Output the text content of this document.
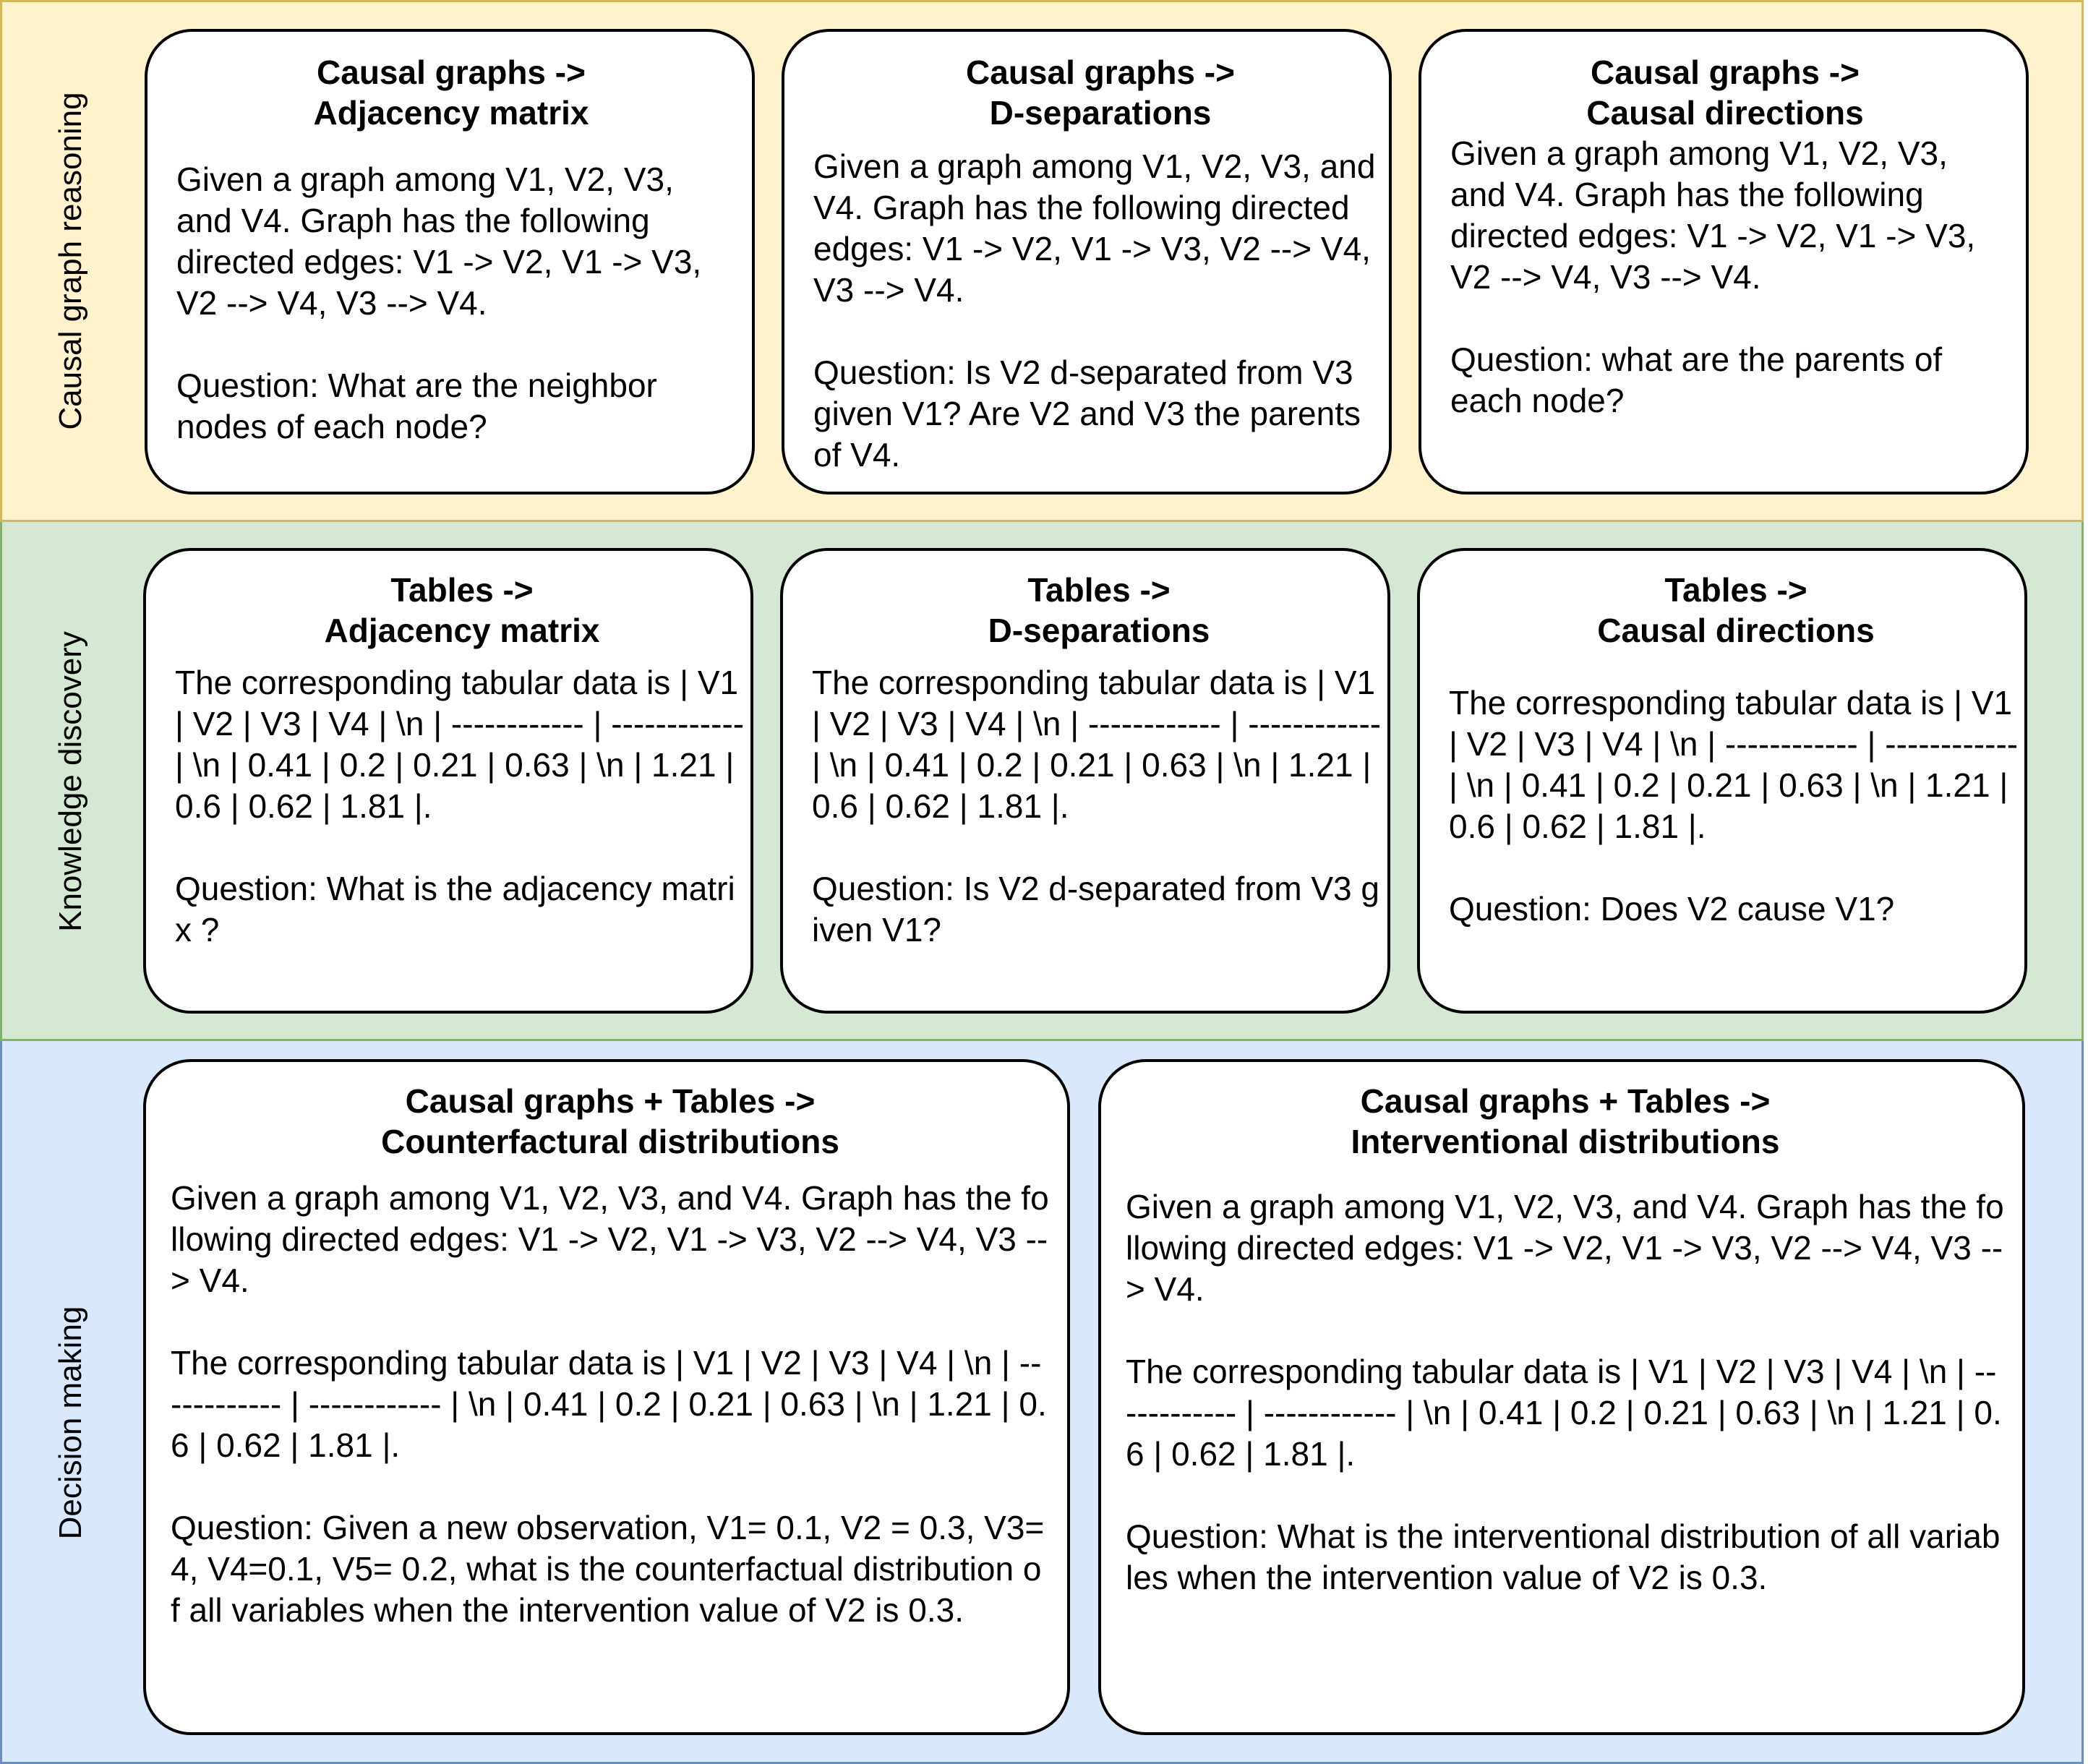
Causal graph reasoning
Causal graphs ->
Adjacency matrix
Given a graph among V1, V2, V3, and V4. Graph has the following directed edges: V1 -> V2, V1 -> V3, V2 --> V4, V3 --> V4.

Question: What are the neighbor nodes of each node?
Causal graphs ->
D-separations
Given a graph among V1, V2, V3, and V4. Graph has the following directed edges: V1 -> V2, V1 -> V3, V2 --> V4, V3 --> V4.

Question: Is V2 d-separated from V3 given V1? Are V2 and V3 the parents of V4.
Causal graphs ->
Causal directions
Given a graph among V1, V2, V3, and V4. Graph has the following directed edges: V1 -> V2, V1 -> V3, V2 --> V4, V3 --> V4.

Question: what are the parents of each node?
Knowledge discovery
Tables ->
Adjacency matrix
The corresponding tabular data is | V1 | V2 | V3 | V4 | \n | ------------ | ------------ | \n | 0.41 | 0.2 | 0.21 | 0.63 | \n | 1.21 | 0.6 | 0.62 | 1.81 |.

Question: What is the adjacency matrix ?
Tables ->
D-separations
The corresponding tabular data is | V1 | V2 | V3 | V4 | \n | ------------ | ------------ | \n | 0.41 | 0.2 | 0.21 | 0.63 | \n | 1.21 | 0.6 | 0.62 | 1.81 |.

Question: Is V2 d-separated from V3 given V1?
Tables ->
Causal directions
The corresponding tabular data is | V1 | V2 | V3 | V4 | \n | ------------ | ------------ | \n | 0.41 | 0.2 | 0.21 | 0.63 | \n | 1.21 | 0.6 | 0.62 | 1.81 |.

Question: Does V2 cause V1?
Decision making
Causal graphs + Tables ->
Counterfactural distributions
Given a graph among V1, V2, V3, and V4. Graph has the following directed edges: V1 -> V2, V1 -> V3, V2 --> V4, V3 --> V4.

The corresponding tabular data is | V1 | V2 | V3 | V4 | \n | ------------ | ------------ | \n | 0.41 | 0.2 | 0.21 | 0.63 | \n | 1.21 | 0.6 | 0.62 | 1.81 |.

Question: Given a new observation, V1= 0.1, V2 = 0.3, V3=4, V4=0.1, V5= 0.2, what is the counterfactual distribution of all variables when the intervention value of V2 is 0.3.
Causal graphs + Tables ->
Interventional distributions
Given a graph among V1, V2, V3, and V4. Graph has the following directed edges: V1 -> V2, V1 -> V3, V2 --> V4, V3 --> V4.

The corresponding tabular data is | V1 | V2 | V3 | V4 | \n | ------------ | ------------ | \n | 0.41 | 0.2 | 0.21 | 0.63 | \n | 1.21 | 0.6 | 0.62 | 1.81 |.

Question: What is the interventional distribution of all variables when the intervention value of V2 is 0.3.
